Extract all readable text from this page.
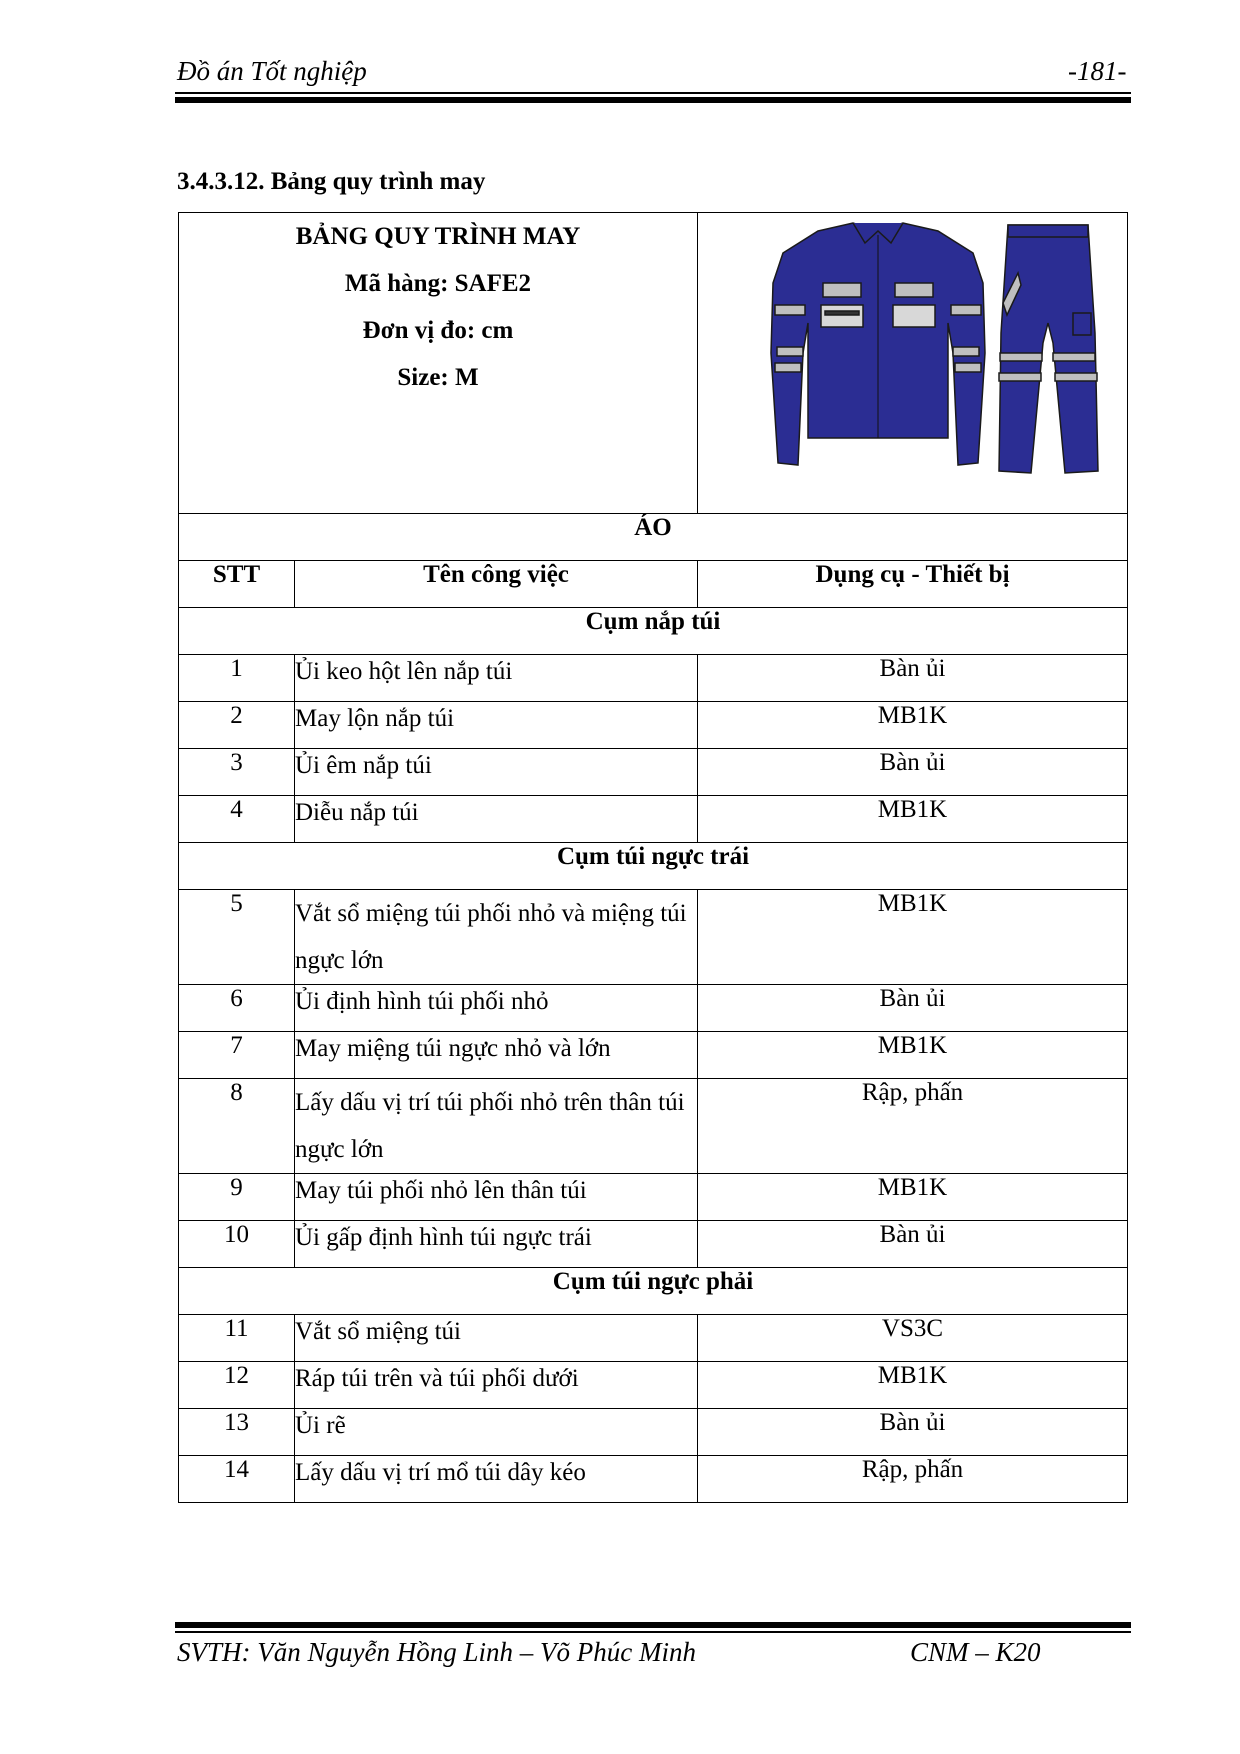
Đồ án Tốt nghiệp	-181-
3.4.3.12. Bảng quy trình may
BẢNG QUY TRÌNH MAY
Mã hàng: SAFE2
Đơn vị đo: cm
Size: M

ÁO		
STT	Tên công việc	Dụng cụ - Thiết bị
Cụm nắp túi		
1	Ủi keo hột lên nắp túi	Bàn ủi
2	May lộn nắp túi	MB1K
3	Ủi êm nắp túi	Bàn ủi
4	Diễu nắp túi	MB1K
Cụm túi ngực trái		
5	Vắt sổ miệng túi phối nhỏ và miệng túi ngực lớn	MB1K
6	Ủi định hình túi phối nhỏ	Bàn ủi
7	May miệng túi ngực nhỏ và lớn	MB1K
8	Lấy dấu vị trí túi phối nhỏ trên thân túi ngực lớn	Rập, phấn
9	May túi phối nhỏ lên thân túi	MB1K
10	Ủi gấp định hình túi ngực trái	Bàn ủi
Cụm túi ngực phải		
11	Vắt sổ miệng túi	VS3C
12	Ráp túi trên và túi phối dưới	MB1K
13	Ủi rẽ	Bàn ủi
14	Lấy dấu vị trí mổ túi dây kéo	Rập, phấn
SVTH: Văn Nguyễn Hồng Linh – Võ Phúc Minh	CNM – K20
